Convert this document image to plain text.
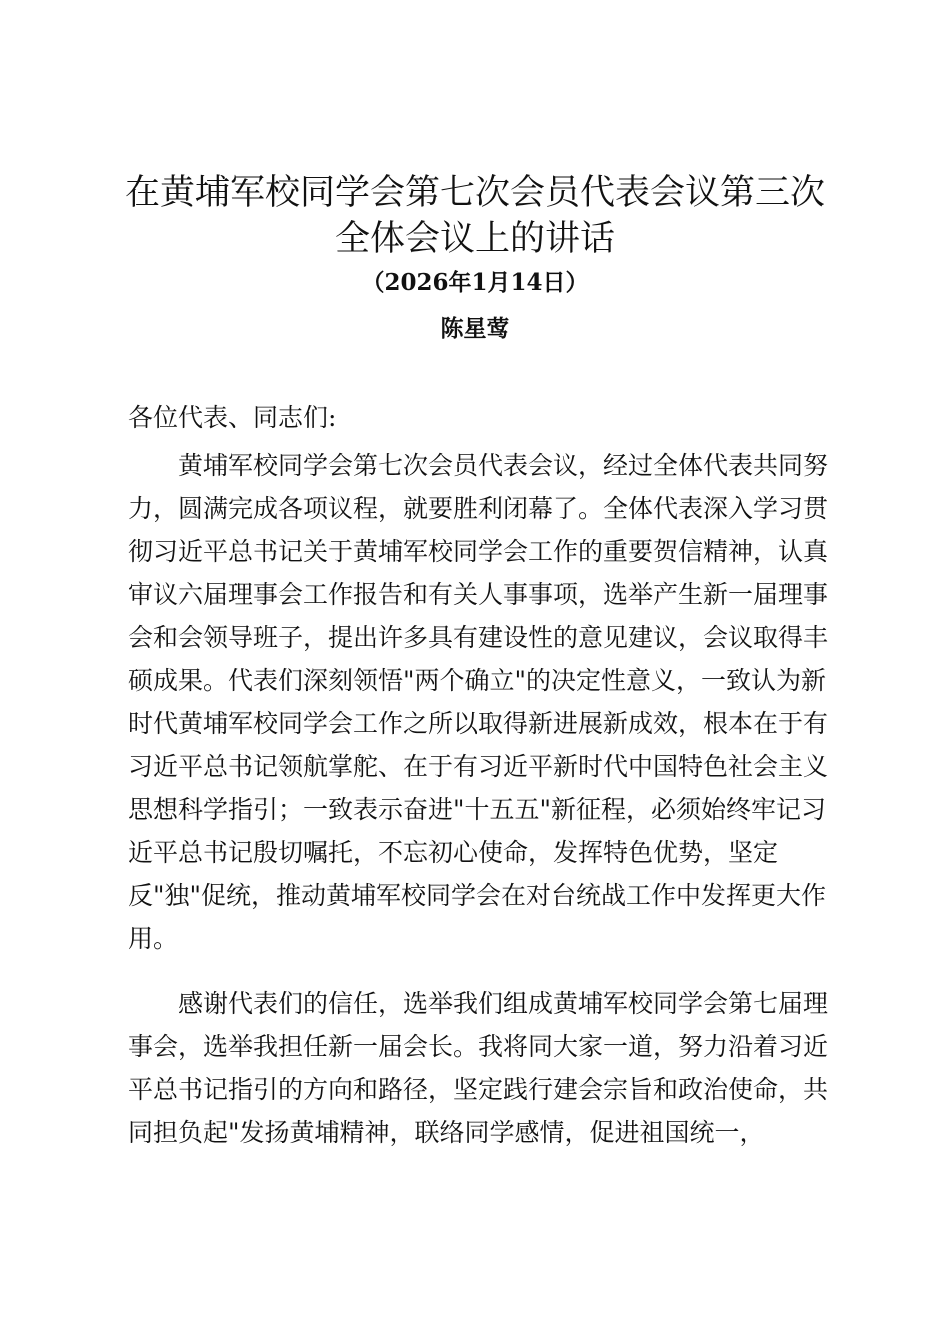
在黄埔军校同学会第七次会员代表会议第三次
全体会议上的讲话
（2026年1月14日）
陈星莺
各位代表、同志们:

黄埔军校同学会第七次会员代表会议，经过全体代表共同努力，圆满完成各项议程，就要胜利闭幕了。全体代表深入学习贯彻习近平总书记关于黄埔军校同学会工作的重要贺信精神，认真审议六届理事会工作报告和有关人事事项，选举产生新一届理事会和会领导班子，提出许多具有建设性的意见建议，会议取得丰硕成果。代表们深刻领悟"两个确立"的决定性意义，一致认为新时代黄埔军校同学会工作之所以取得新进展新成效，根本在于有习近平总书记领航掌舵、在于有习近平新时代中国特色社会主义思想科学指引；一致表示奋进"十五五"新征程，必须始终牢记习近平总书记殷切嘱托，不忘初心使命，发挥特色优势，坚定反"独"促统，推动黄埔军校同学会在对台统战工作中发挥更大作用。

感谢代表们的信任，选举我们组成黄埔军校同学会第七届理事会，选举我担任新一届会长。我将同大家一道，努力沿着习近平总书记指引的方向和路径，坚定践行建会宗旨和政治使命，共同担负起"发扬黄埔精神，联络同学感情，促进祖国统一，
